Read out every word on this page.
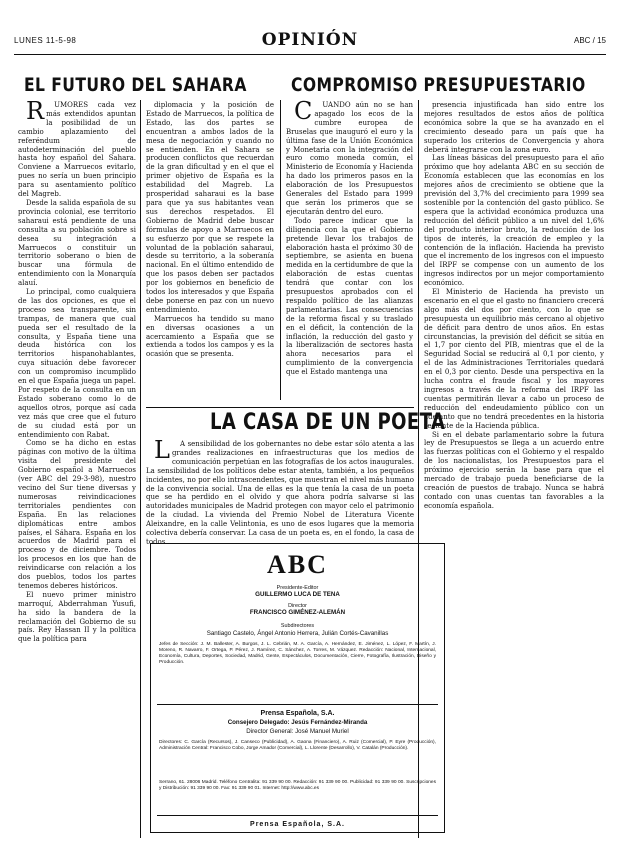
LUNES 11-5-98	OPINIÓN	ABC / 15
EL FUTURO DEL SAHARA COMPROMISO PRESUPUESTARIO

RUMORES cada vez más extendidos apuntan la posibilidad de un cambio aplazamiento del referéndum de autodeterminación del pueblo hasta hoy español del Sahara. Conviene a Marruecos evitarlo, pues no sería un buen principio para su asentamiento político del Magreb.

Desde la salida española de su provincia colonial, ese territorio saharaui está pendiente de una consulta a su población sobre si desea su integración a Marruecos o constituir un territorio soberano o bien de buscar una fórmula de entendimiento con la Monarquía alauí.

Lo principal, como cualquiera de las dos opciones, es que el proceso sea transparente, sin trampas, de manera que cual pueda ser el resultado de la consulta, y España tiene una deuda histórica con los territorios hispanohablantes, cuya situación debe favorecer con un compromiso incumplido en el que España juega un papel. Por respeto de la consulta en un Estado soberano como lo de aquellos otros, porque así cada vez más que cree que el futuro de su ciudad está por un entendimiento con Rabat.

Como se ha dicho en estas páginas con motivo de la última visita del presidente del Gobierno español a Marruecos (ver ABC del 29-3-98), nuestro vecino del Sur tiene diversas y numerosas reivindicaciones territoriales pendientes con España. En las relaciones diplomáticas entre ambos países, el Sáhara. España en los acuerdos de Madrid para el proceso y de diciembre. Todos los procesos en los que han de reivindicarse con relación a los dos pueblos, todos los partes tenemos deberes históricos.

El nuevo primer ministro marroquí, Abderrahman Yusufi, ha sido la bandera de la reclamación del Gobierno de su país. Rey Hassan II y la política que la política para

diplomacia y la posición de Estado de Marruecos, la política de Estado, las dos partes se encuentran a ambos lados de la mesa de negociación y cuando no se entienden. En el Sahara se producen conflictos que recuerdan de la gran dificultad y en el que el primer objetivo de España es la estabilidad del Magreb. La prosperidad saharaui es la base para que ya sus habitantes vean sus derechos respetados. El Gobierno de Madrid debe buscar fórmulas de apoyo a Marruecos en su esfuerzo por que se respete la voluntad de la población saharaui, desde su territorio, a la soberanía nacional. En el último entendido de que los pasos deben ser pactados por los gobiernos en beneficio de todos los interesados y que España debe ponerse en paz con un nuevo entendimiento.

Marruecos ha tendido su mano en diversas ocasiones a un acercamiento a España que se extienda a todos los campos y es la ocasión que se presenta.

CUANDO aún no se han apagado los ecos de la cumbre europea de Bruselas que inauguró el euro y la última fase de la Unión Económica y Monetaria con la integración del euro como moneda común, el Ministerio de Economía y Hacienda ha dado los primeros pasos en la elaboración de los Presupuestos Generales del Estado para 1999 que serán los primeros que se ejecutarán dentro del euro.

Todo parece indicar que la diligencia con la que el Gobierno pretende llevar los trabajos de elaboración hasta el próximo 30 de septiembre, se asienta en buena medida en la certidumbre de que la elaboración de estas cuentas tendrá que contar con los presupuestos aprobados con el respaldo político de las alianzas parlamentarias. Las consecuencias de la reforma fiscal y su traslado en el déficit, la contención de la inflación, la reducción del gasto y la liberalización de sectores hasta ahora necesarios para el cumplimiento de la convergencia que el Estado mantenga una

presencia injustificada han sido entre los mejores resultados de estos años de política económica sobre la que se ha avanzado en el crecimiento deseado para un país que ha superado los criterios de Convergencia y ahora deberá integrarse con la zona euro.

Las líneas básicas del presupuesto para el año próximo que hoy adelanta ABC en su sección de Economía establecen que las economías en los mejores años de crecimiento se obtiene que la previsión del 3,7% del crecimiento para 1999 sea sostenible por la contención del gasto público. Se espera que la actividad económica produzca una reducción del déficit público a un nivel del 1,6% del producto interior bruto, la reducción de los tipos de interés, la creación de empleo y la contención de la inflación. Hacienda ha previsto que el incremento de los ingresos con el impuesto del IRPF se compense con un aumento de los ingresos indirectos por un mejor comportamiento económico.

El Ministerio de Hacienda ha previsto un escenario en el que el gasto no financiero crecerá algo más del dos por ciento, con lo que se presupuesta un equilibrio más cercano al objetivo de déficit para dentro de unos años. En estas circunstancias, la previsión del déficit se sitúa en el 1,7 por ciento del PIB, mientras que el de la Seguridad Social se reducirá al 0,1 por ciento, y el de las Administraciones Territoriales quedará en el 0,3 por ciento. Desde una perspectiva en la lucha contra el fraude fiscal y los mayores ingresos a través de la reforma del IRPF las cuentas permitirán llevar a cabo un proceso de reducción del endeudamiento público con un adelanto que no tendrá precedentes en la historia reciente de la Hacienda pública.

Si en el debate parlamentario sobre la futura ley de Presupuestos se llega a un acuerdo entre las fuerzas políticas con el Gobierno y el respaldo de los nacionalistas, los Presupuestos para el próximo ejercicio serán la base para que el mercado de trabajo pueda beneficiarse de la creación de puestos de trabajo. Nunca se habrá contado con unas cuentas tan favorables a la economía española.

LA CASA DE UN POETA

LA sensibilidad de los gobernantes no debe estar sólo atenta a las grandes realizaciones en infraestructuras que los medios de comunicación perpetúan en las fotografías de los actos inaugurales. La sensibilidad de los políticos debe estar atenta, también, a los pequeños incidentes, no por ello intrascendentes, que muestran el nivel más humano de la convivencia social. Una de ellas es la que tenía la casa de un poeta que se ha perdido en el olvido y que ahora podría salvarse si las autoridades municipales de Madrid protegen con mayor celo el patrimonio de la ciudad. La vivienda del Premio Nobel de Literatura Vicente Aleixandre, en la calle Velintonia, es uno de esos lugares que la memoria colectiva debería conservar. La casa de un poeta es, en el fondo, la casa de todos.

ABC
Presidente-Editor
GUILLERMO LUCA DE TENA
Director
FRANCISCO GIMÉNEZ-ALEMÁN
Subdirectores
Santiago Castelo, Ángel Antonio Herrera, Julián Cortés-Cavanillas
Jefes de Sección: J. M. Ballester, A. Burgos, J. L. Cebrián, M. A. García, A. Hernández, E. Jiménez, L. López, F. Martín, J. Moreno, R. Navarro, F. Ortega, P. Pérez, J. Ramírez, C. Sánchez, A. Torres, M. Vázquez. Redacción: Nacional, Internacional, Economía, Cultura, Deportes, Sociedad, Madrid, Gente, Espectáculos, Documentación, Cierre, Fotografía, Ilustración, Diseño y Producción.
Prensa Española, S.A.
Consejero Delegado: Jesús Fernández-Miranda
Director General: José Manuel Muriel
Directores: C. García (Recursos), J. Canseco (Publicidad), A. Gaona (Financiero), A. Ruiz (Comercial), P. Eyre (Producción), Administración Central: Francisco Cobo, Jorge Amador (Comercial), L. Llorente (Desarrollo), V. Catalán (Producción).
Serrano, 61. 28006 Madrid. Teléfono Centralita: 91 339 90 00. Redacción: 91 339 90 00. Publicidad: 91 339 90 00. Suscripciones y Distribución: 91 339 90 00. Fax: 91 339 90 01. Internet: http://www.abc.es
Prensa Española, S.A.
